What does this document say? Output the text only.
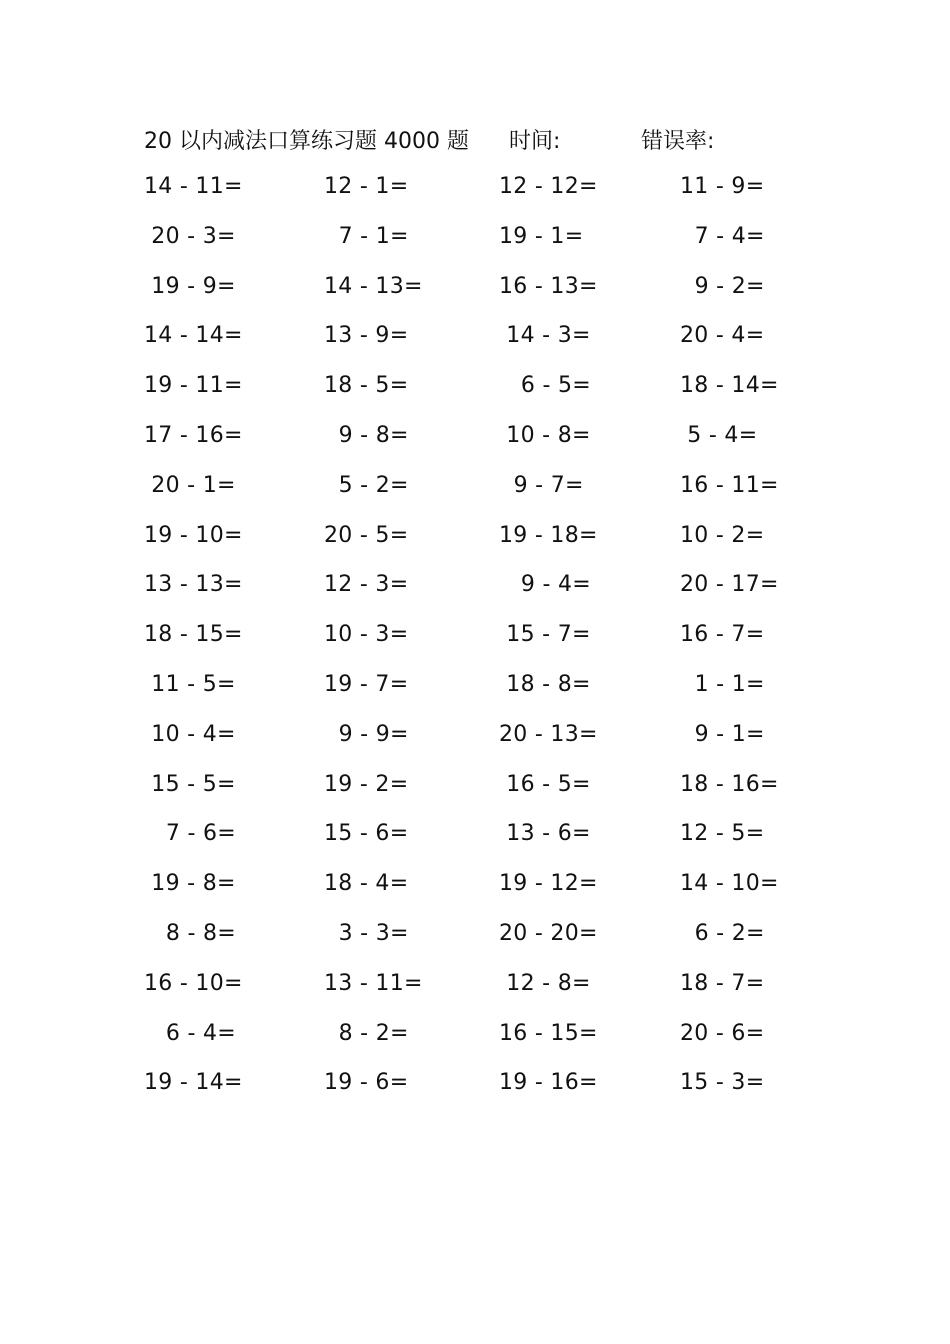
20 以内减法口算练习题 4000 题 时间:	错误率:
14 - 11=	12 - 1=	12 - 12=	11 - 9=
20 - 3=	7 - 1=	19 - 1=	7 - 4=
19 - 9=	14 - 13=	16 - 13=	9 - 2=
14 - 14=	13 - 9=	14 - 3=	20 - 4=
19 - 11=	18 - 5=	6 - 5=	18 - 14=
17 - 16=	9 - 8=	10 - 8=	5 - 4=
20 - 1=	5 - 2=	9 - 7=	16 - 11=
19 - 10=	20 - 5=	19 - 18=	10 - 2=
13 - 13=	12 - 3=	9 - 4=	20 - 17=
18 - 15=	10 - 3=	15 - 7=	16 - 7=
11 - 5=	19 - 7=	18 - 8=	1 - 1=
10 - 4=	9 - 9=	20 - 13=	9 - 1=
15 - 5=	19 - 2=	16 - 5=	18 - 16=
7 - 6=	15 - 6=	13 - 6=	12 - 5=
19 - 8=	18 - 4=	19 - 12=	14 - 10=
8 - 8=	3 - 3=	20 - 20=	6 - 2=
16 - 10=	13 - 11=	12 - 8=	18 - 7=
6 - 4=	8 - 2=	16 - 15=	20 - 6=
19 - 14=	19 - 6=	19 - 16=	15 - 3=
